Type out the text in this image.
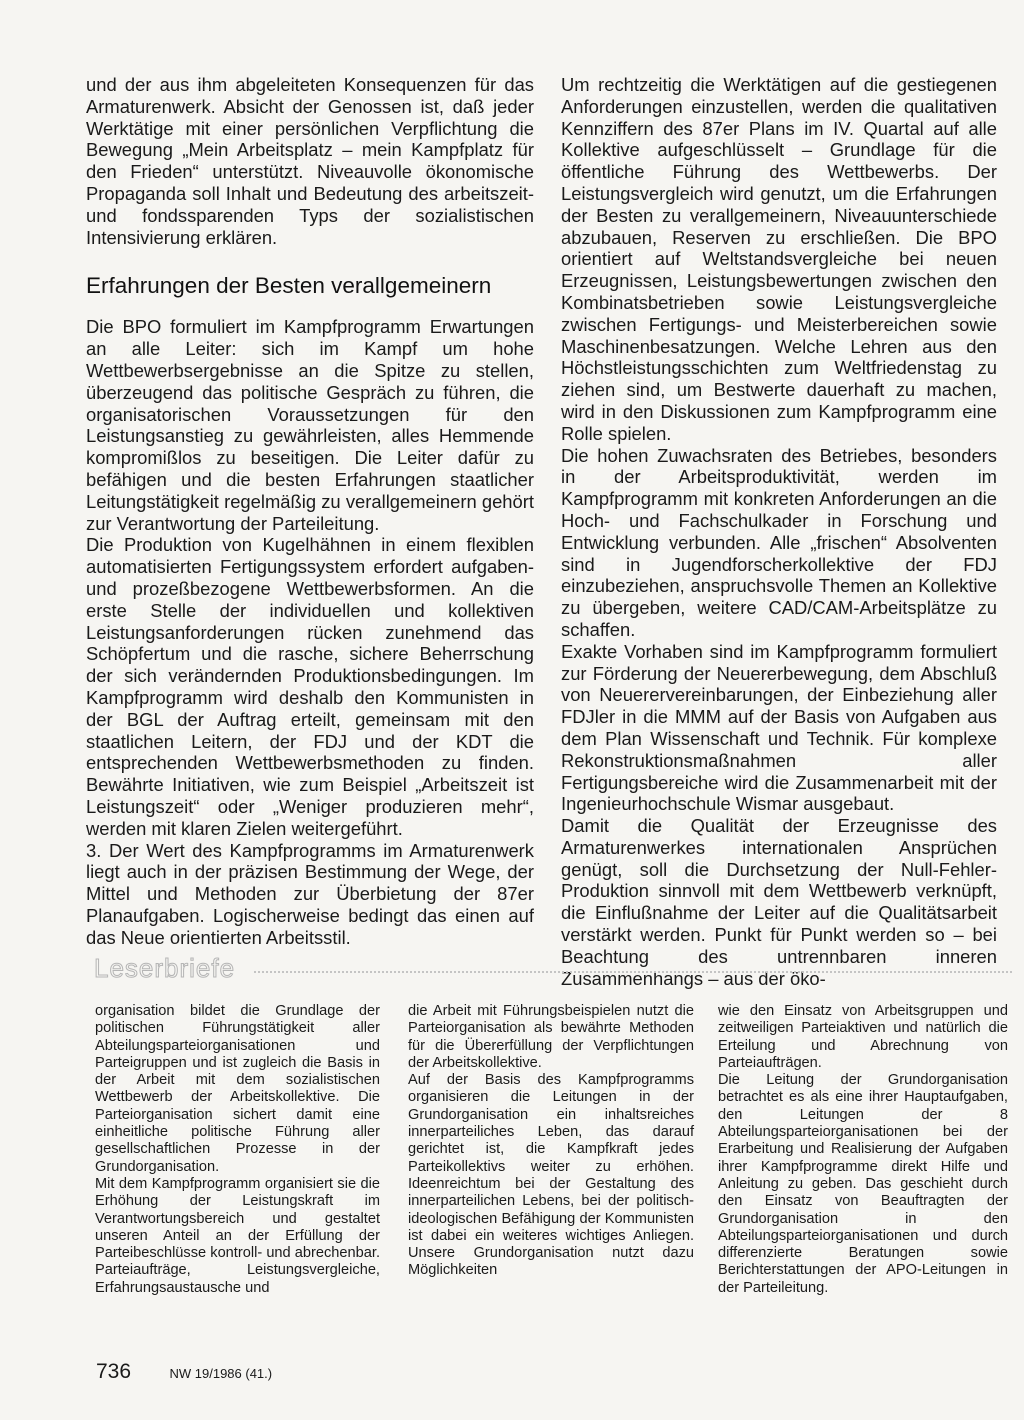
und der aus ihm abgeleiteten Konsequenzen für das Armaturenwerk. Absicht der Genossen ist, daß jeder Werktätige mit einer persönlichen Verpflichtung die Bewegung „Mein Arbeitsplatz – mein Kampfplatz für den Frieden“ unterstützt. Niveauvolle ökonomische Propaganda soll Inhalt und Bedeutung des arbeitszeit- und fondssparenden Typs der sozialistischen Intensivierung erklären.

Erfahrungen der Besten verallgemeinern

Die BPO formuliert im Kampfprogramm Erwartungen an alle Leiter: sich im Kampf um hohe Wettbewerbsergebnisse an die Spitze zu stellen, überzeugend das politische Gespräch zu führen, die organisatorischen Voraussetzungen für den Leistungsanstieg zu gewährleisten, alles Hemmende kompromißlos zu beseitigen. Die Leiter dafür zu befähigen und die besten Erfahrungen staatlicher Leitungstätigkeit regelmäßig zu verallgemeinern gehört zur Verantwortung der Parteileitung.

Die Produktion von Kugelhähnen in einem flexiblen automatisierten Fertigungssystem erfordert aufgaben- und prozeßbezogene Wettbewerbsformen. An die erste Stelle der individuellen und kollektiven Leistungsanforderungen rücken zunehmend das Schöpfertum und die rasche, sichere Beherrschung der sich verändernden Produktionsbedingungen. Im Kampfprogramm wird deshalb den Kommunisten in der BGL der Auftrag erteilt, gemeinsam mit den staatlichen Leitern, der FDJ und der KDT die entsprechenden Wettbewerbsmethoden zu finden. Bewährte Initiativen, wie zum Beispiel „Arbeitszeit ist Leistungszeit“ oder „Weniger produzieren mehr“, werden mit klaren Zielen weitergeführt.

3. Der Wert des Kampfprogramms im Armaturenwerk liegt auch in der präzisen Bestimmung der Wege, der Mittel und Methoden zur Überbietung der 87er Planaufgaben. Logischerweise bedingt das einen auf das Neue orientierten Arbeitsstil.

Um rechtzeitig die Werktätigen auf die gestiegenen Anforderungen einzustellen, werden die qualitativen Kennziffern des 87er Plans im IV. Quartal auf alle Kollektive aufgeschlüsselt – Grundlage für die öffentliche Führung des Wettbewerbs. Der Leistungsvergleich wird genutzt, um die Erfahrungen der Besten zu verallgemeinern, Niveauunterschiede abzubauen, Reserven zu erschließen. Die BPO orientiert auf Weltstandsvergleiche bei neuen Erzeugnissen, Leistungsbewertungen zwischen den Kombinatsbetrieben sowie Leistungsvergleiche zwischen Fertigungs- und Meisterbereichen sowie Maschinenbesatzungen. Welche Lehren aus den Höchstleistungsschichten zum Weltfriedenstag zu ziehen sind, um Bestwerte dauerhaft zu machen, wird in den Diskussionen zum Kampfprogramm eine Rolle spielen.

Die hohen Zuwachsraten des Betriebes, besonders in der Arbeitsproduktivität, werden im Kampfprogramm mit konkreten Anforderungen an die Hoch- und Fachschulkader in Forschung und Entwicklung verbunden. Alle „frischen“ Absolventen sind in Jugendforscherkollektive der FDJ einzubeziehen, anspruchsvolle Themen an Kollektive zu übergeben, weitere CAD/CAM-Arbeitsplätze zu schaffen.

Exakte Vorhaben sind im Kampfprogramm formuliert zur Förderung der Neuererbewegung, dem Abschluß von Neuerervereinbarungen, der Einbeziehung aller FDJler in die MMM auf der Basis von Aufgaben aus dem Plan Wissenschaft und Technik. Für komplexe Rekonstruktionsmaßnahmen aller Fertigungsbereiche wird die Zusammenarbeit mit der Ingenieurhochschule Wismar ausgebaut.

Damit die Qualität der Erzeugnisse des Armaturenwerkes internationalen Ansprüchen genügt, soll die Durchsetzung der Null-Fehler-Produktion sinnvoll mit dem Wettbewerb verknüpft, die Einflußnahme der Leiter auf die Qualitätsarbeit verstärkt werden. Punkt für Punkt werden so – bei Beachtung des untrennbaren inneren Zusammenhangs – aus der öko-

Leserbriefe

organisation bildet die Grundlage der politischen Führungstätigkeit aller Abteilungsparteiorganisationen und Parteigruppen und ist zugleich die Basis in der Arbeit mit dem sozialistischen Wettbewerb der Arbeitskollektive. Die Parteiorganisation sichert damit eine einheitliche politische Führung aller gesellschaftlichen Prozesse in der Grundorganisation.

Mit dem Kampfprogramm organisiert sie die Erhöhung der Leistungskraft im Verantwortungsbereich und gestaltet unseren Anteil an der Erfüllung der Parteibeschlüsse kontroll- und abrechenbar. Parteiaufträge, Leistungsvergleiche, Erfahrungsaustausche und

die Arbeit mit Führungsbeispielen nutzt die Parteiorganisation als bewährte Methoden für die Übererfüllung der Verpflichtungen der Arbeitskollektive.

Auf der Basis des Kampfprogramms organisieren die Leitungen in der Grundorganisation ein inhaltsreiches innerparteiliches Leben, das darauf gerichtet ist, die Kampfkraft jedes Parteikollektivs weiter zu erhöhen. Ideenreichtum bei der Gestaltung des innerparteilichen Lebens, bei der politisch-ideologischen Befähigung der Kommunisten ist dabei ein weiteres wichtiges Anliegen. Unsere Grundorganisation nutzt dazu Möglichkeiten

wie den Einsatz von Arbeitsgruppen und zeitweiligen Parteiaktiven und natürlich die Erteilung und Abrechnung von Parteiaufträgen.

Die Leitung der Grundorganisation betrachtet es als eine ihrer Hauptaufgaben, den Leitungen der 8 Abteilungsparteiorganisationen bei der Erarbeitung und Realisierung der Aufgaben ihrer Kampfprogramme direkt Hilfe und Anleitung zu geben. Das geschieht durch den Einsatz von Beauftragten der Grundorganisation in den Abteilungsparteiorganisationen und durch differenzierte Beratungen sowie Berichterstattungen der APO-Leitungen in der Parteileitung.

736	NW 19/1986 (41.)
